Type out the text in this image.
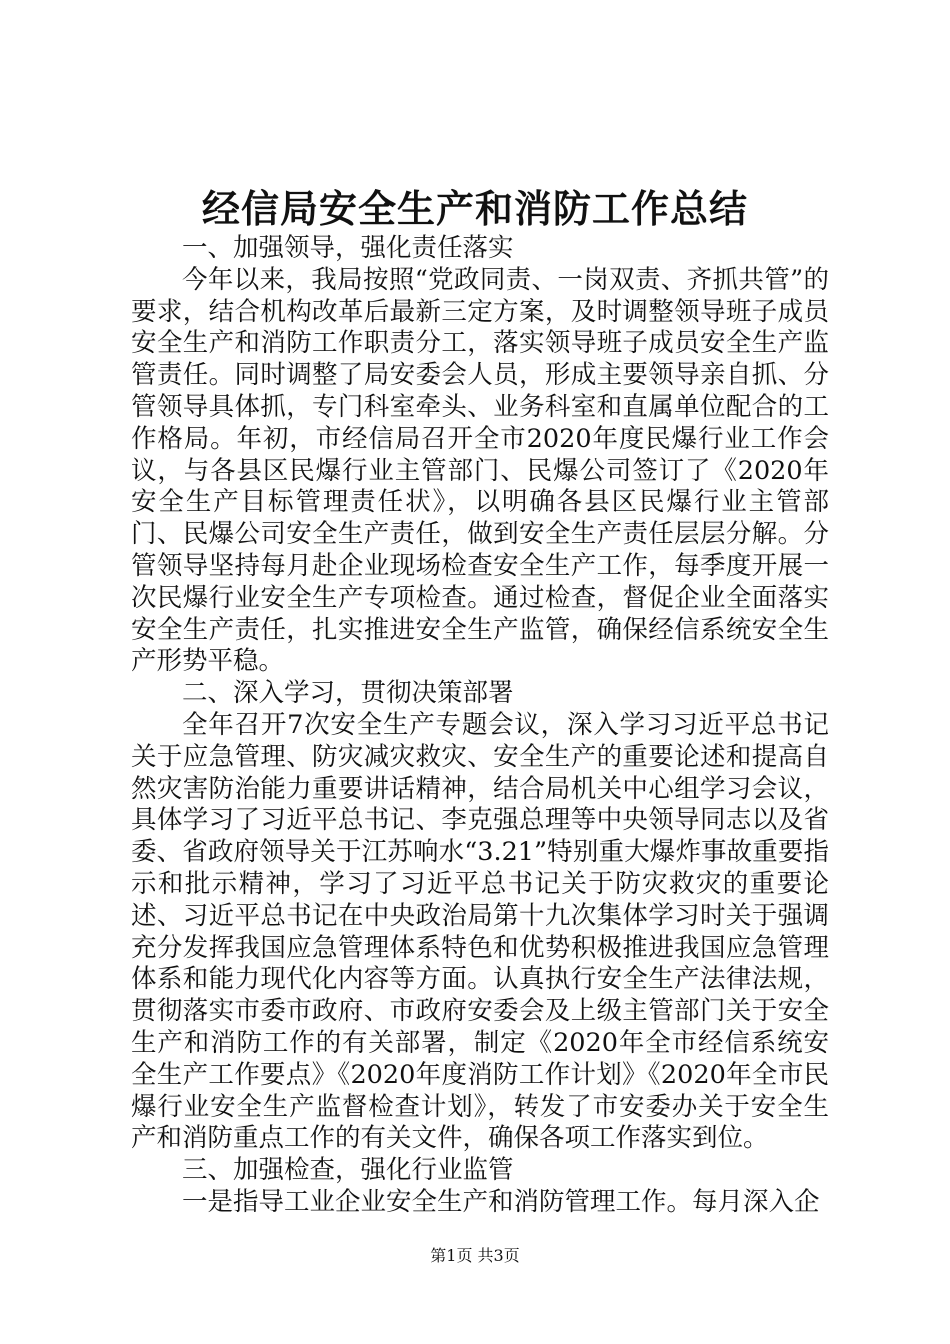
经信局安全生产和消防工作总结

一、加强领导，强化责任落实

今年以来，我局按照“党政同责、一岗双责、齐抓共管”的要求，结合机构改革后最新三定方案，及时调整领导班子成员安全生产和消防工作职责分工，落实领导班子成员安全生产监管责任。同时调整了局安委会人员，形成主要领导亲自抓、分管领导具体抓，专门科室牵头、业务科室和直属单位配合的工作格局。年初，市经信局召开全市2020年度民爆行业工作会议，与各县区民爆行业主管部门、民爆公司签订了《2020年安全生产目标管理责任状》，以明确各县区民爆行业主管部门、民爆公司安全生产责任，做到安全生产责任层层分解。分管领导坚持每月赴企业现场检查安全生产工作，每季度开展一次民爆行业安全生产专项检查。通过检查，督促企业全面落实安全生产责任，扎实推进安全生产监管，确保经信系统安全生产形势平稳。

二、深入学习，贯彻决策部署

全年召开7次安全生产专题会议，深入学习习近平总书记关于应急管理、防灾减灾救灾、安全生产的重要论述和提高自然灾害防治能力重要讲话精神，结合局机关中心组学习会议，具体学习了习近平总书记、李克强总理等中央领导同志以及省委、省政府领导关于江苏响水“3.21”特别重大爆炸事故重要指示和批示精神，学习了习近平总书记关于防灾救灾的重要论述、习近平总书记在中央政治局第十九次集体学习时关于强调充分发挥我国应急管理体系特色和优势积极推进我国应急管理体系和能力现代化内容等方面。认真执行安全生产法律法规，贯彻落实市委市政府、市政府安委会及上级主管部门关于安全生产和消防工作的有关部署，制定《2020年全市经信系统安全生产工作要点》《2020年度消防工作计划》《2020年全市民爆行业安全生产监督检查计划》，转发了市安委办关于安全生产和消防重点工作的有关文件，确保各项工作落实到位。

三、加强检查，强化行业监管

一是指导工业企业安全生产和消防管理工作。每月深入企

第1页 共3页
